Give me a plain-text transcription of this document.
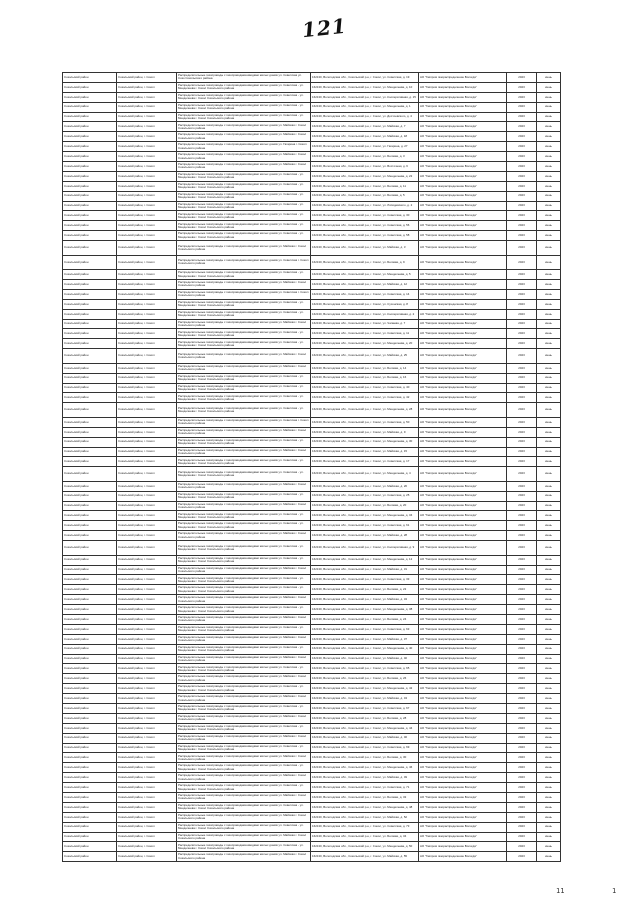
121
Сокольский район	Сокольский район, г. Сокол	Распределительные газопроводы с газопроводами-вводами жилых домов ул. Советская ул. Соко Сокольского района	162130, Вологодская обл., Сокольский р-н, г. Сокол, ул. Советская, д. 19	АО "Газпром газораспределение Вологда"	2023	июнь
Сокольский район	Сокольский район, г. Сокол	Распределительные газопроводы с газопроводами-вводами жилых домов ул. Советская - ул. Менделеева г. Сокол Сокольского района	162130, Вологодская обл., Сокольский р-н, г. Сокол, ул. Менделеева, д. 10	АО "Газпром газораспределение Вологда"	2023	июнь
Сокольский район	Сокольский район, г. Сокол	Распределительные газопроводы с газопроводами-вводами жилых домов ул. Советская - ул. Менделеева г. Сокол Сокольского района	162130, Вологодская обл., Сокольский р-н, г. Сокол, ул. Кооперативная, д. 15	АО "Газпром газораспределение Вологда"	2023	июнь
Сокольский район	Сокольский район, г. Сокол	Распределительные газопроводы с газопроводами-вводами жилых домов ул. Советская - ул. Менделеева г. Сокол Сокольского района	162130, Вологодская обл., Сокольский р-н, г. Сокол, ул. Менделеева, д. 1	АО "Газпром газораспределение Вологда"	2023	июнь
Сокольский район	Сокольский район, г. Сокол	Распределительные газопроводы с газопроводами-вводами жилых домов ул. Советская - ул. Менделеева г. Сокол Сокольского района	162130, Вологодская обл., Сокольский р-н, г. Сокол, ул. Достоевского, д. 4	АО "Газпром газораспределение Вологда"	2023	июнь
Сокольский район	Сокольский район, г. Сокол	Распределительные газопроводы с газопроводами-вводами жилых домов ул. Майская г. Сокол Сокольского района	162130, Вологодская обл., Сокольский р-н, г. Сокол, ул. Майская, д. 7	АО "Газпром газораспределение Вологда"	2023	июнь
Сокольский район	Сокольский район, г. Сокол	Распределительные газопроводы с газопроводами-вводами жилых домов ул. Майская г. Сокол Сокольского района	162130, Вологодская обл., Сокольский р-н, г. Сокол, ул. Майская, д. 18	АО "Газпром газораспределение Вологда"	2023	июнь
Сокольский район	Сокольский район, г. Сокол	Распределительные газопроводы с газопроводами-вводами жилых домов ул. Гагарина г. Сокол Сокольского района	162130, Вологодская обл., Сокольский р-н, г. Сокол, ул. Гагарина, д. 27	АО "Газпром газораспределение Вологда"	2023	июнь
Сокольский район	Сокольский район, г. Сокол	Распределительные газопроводы с газопроводами-вводами жилых домов ул. Майская г. Сокол Сокольского района	162130, Вологодская обл., Сокольский р-н, г. Сокол, ул. Беговая, д. 3	АО "Газпром газораспределение Вологда"	2023	июнь
Сокольский район	Сокольский район, г. Сокол	Распределительные газопроводы с газопроводами-вводами жилых домов ул. Майская г. Сокол Сокольского района	162130, Вологодская обл., Сокольский р-н, г. Сокол, ул. Восточная, д. 6	АО "Газпром газораспределение Вологда"	2023	июнь
Сокольский район	Сокольский район, г. Сокол	Распределительные газопроводы с газопроводами-вводами жилых домов ул. Советская - ул. Менделеева г. Сокол Сокольского района	162130, Вологодская обл., Сокольский р-н, г. Сокол, ул. Менделеева, д. 22	АО "Газпром газораспределение Вологда"	2023	июнь
Сокольский район	Сокольский район, г. Сокол	Распределительные газопроводы с газопроводами-вводами жилых домов ул. Советская - ул. Менделеева г. Сокол Сокольского района	162130, Вологодская обл., Сокольский р-н, г. Сокол, ул. Беговая, д. 11	АО "Газпром газораспределение Вологда"	2023	июнь
Сокольский район	Сокольский район, г. Сокол	Распределительные газопроводы с газопроводами-вводами жилых домов ул. Советская - ул. Менделеева г. Сокол Сокольского района	162130, Вологодская обл., Сокольский р-н, г. Сокол, ул. Беговая, д. 5	АО "Газпром газораспределение Вологда"	2023	июнь
Сокольский район	Сокольский район, г. Сокол	Распределительные газопроводы с газопроводами-вводами жилых домов ул. Советская - ул. Менделеева г. Сокол Сокольского района	162130, Вологодская обл., Сокольский р-н, г. Сокол, ул. Ляпидевского, д. 2	АО "Газпром газораспределение Вологда"	2023	июнь
Сокольский район	Сокольский район, г. Сокол	Распределительные газопроводы с газопроводами-вводами жилых домов ул. Советская - ул. Менделеева г. Сокол Сокольского района	162130, Вологодская обл., Сокольский р-н, г. Сокол, ул. Советская, д. 30	АО "Газпром газораспределение Вологда"	2023	июнь
Сокольский район	Сокольский район, г. Сокол	Распределительные газопроводы с газопроводами-вводами жилых домов ул. Советская - ул. Менделеева г. Сокол Сокольского района	162130, Вологодская обл., Сокольский р-н, г. Сокол, ул. Советская, д. 56	АО "Газпром газораспределение Вологда"	2023	июнь
Сокольский район	Сокольский район, г. Сокол	Распределительные газопроводы с газопроводами-вводами жилых домов ул. Советская - ул. Менделеева г. Сокол Сокольского района	162130, Вологодская обл., Сокольский р-н, г. Сокол, ул. Советская, д. 58	АО "Газпром газораспределение Вологда"	2023	июнь
Сокольский район	Сокольский район, г. Сокол	Распределительные газопроводы с газопроводами-вводами жилых домов ул. Майская г. Сокол Сокольского района	162130, Вологодская обл., Сокольский р-н, г. Сокол, ул. Майская, д. 3	АО "Газпром газораспределение Вологда"	2023	июнь
Сокольский район	Сокольский район, г. Сокол	Распределительные газопроводы с газопроводами-вводами жилых домов ул. Советская г. Сокол Сокольского района	162130, Вологодская обл., Сокольский р-н, г. Сокол, ул. Беговая, д. 9	АО "Газпром газораспределение Вологда"	2023	июнь
Сокольский район	Сокольский район, г. Сокол	Распределительные газопроводы с газопроводами-вводами жилых домов ул. Советская - ул. Менделеева г. Сокол Сокольского района	162130, Вологодская обл., Сокольский р-н, г. Сокол, ул. Менделеева, д. 5	АО "Газпром газораспределение Вологда"	2023	июнь
Сокольский район	Сокольский район, г. Сокол	Распределительные газопроводы с газопроводами-вводами жилых домов ул. Майская г. Сокол Сокольского района	162130, Вологодская обл., Сокольский р-н, г. Сокол, ул. Майская, д. 12	АО "Газпром газораспределение Вологда"	2023	июнь
Сокольский район	Сокольский район, г. Сокол	Распределительные газопроводы с газопроводами-вводами жилых домов ул. Советская г. Сокол Сокольского района	162130, Вологодская обл., Сокольский р-н, г. Сокол, ул. Советская, д. 14	АО "Газпром газораспределение Вологда"	2023	июнь
Сокольский район	Сокольский район, г. Сокол	Распределительные газопроводы с газопроводами-вводами жилых домов ул. Советская - ул. Менделеева г. Сокол Сокольского района	162130, Вологодская обл., Сокольский р-н, г. Сокол, ул. Сухонская, д. 8	АО "Газпром газораспределение Вологда"	2023	июнь
Сокольский район	Сокольский район, г. Сокол	Распределительные газопроводы с газопроводами-вводами жилых домов ул. Советская - ул. Менделеева г. Сокол Сокольского района	162130, Вологодская обл., Сокольский р-н, г. Сокол, ул. Кооперативная, д. 2	АО "Газпром газораспределение Вологда"	2023	июнь
Сокольский район	Сокольский район, г. Сокол	Распределительные газопроводы с газопроводами-вводами жилых домов ул. Майская г. Сокол Сокольского района	162130, Вологодская обл., Сокольский р-н, г. Сокол, ул. Чапаева, д. 7	АО "Газпром газораспределение Вологда"	2023	июнь
Сокольский район	Сокольский район, г. Сокол	Распределительные газопроводы с газопроводами-вводами жилых домов ул. Советская - ул. Менделеева г. Сокол Сокольского района	162130, Вологодская обл., Сокольский р-н, г. Сокол, ул. Советская, д. 11	АО "Газпром газораспределение Вологда"	2023	июнь
Сокольский район	Сокольский район, г. Сокол	Распределительные газопроводы с газопроводами-вводами жилых домов ул. Советская - ул. Менделеева г. Сокол Сокольского района	162130, Вологодская обл., Сокольский р-н, г. Сокол, ул. Менделеева, д. 20	АО "Газпром газораспределение Вологда"	2023	июнь
Сокольский район	Сокольский район, г. Сокол	Распределительные газопроводы с газопроводами-вводами жилых домов ул. Майская г. Сокол Сокольского района	162130, Вологодская обл., Сокольский р-н, г. Сокол, ул. Майская, д. 25	АО "Газпром газораспределение Вологда"	2023	июнь
Сокольский район	Сокольский район, г. Сокол	Распределительные газопроводы с газопроводами-вводами жилых домов ул. Майская г. Сокол Сокольского района	162130, Вологодская обл., Сокольский р-н, г. Сокол, ул. Беговая, д. 14	АО "Газпром газораспределение Вологда"	2023	июнь
Сокольский район	Сокольский район, г. Сокол	Распределительные газопроводы с газопроводами-вводами жилых домов ул. Советская - ул. Менделеева г. Сокол Сокольского района	162130, Вологодская обл., Сокольский р-н, г. Сокол, ул. Беговая, д. 16	АО "Газпром газораспределение Вологда"	2023	июнь
Сокольский район	Сокольский район, г. Сокол	Распределительные газопроводы с газопроводами-вводами жилых домов ул. Советская - ул. Менделеева г. Сокол Сокольского района	162130, Вологодская обл., Сокольский р-н, г. Сокол, ул. Советская, д. 40	АО "Газпром газораспределение Вологда"	2023	июнь
Сокольский район	Сокольский район, г. Сокол	Распределительные газопроводы с газопроводами-вводами жилых домов ул. Советская - ул. Менделеева г. Сокол Сокольского района	162130, Вологодская обл., Сокольский р-н, г. Сокол, ул. Советская, д. 42	АО "Газпром газораспределение Вологда"	2023	июнь
Сокольский район	Сокольский район, г. Сокол	Распределительные газопроводы с газопроводами-вводами жилых домов ул. Советская - ул. Менделеева г. Сокол Сокольского района	162130, Вологодская обл., Сокольский р-н, г. Сокол, ул. Менделеева, д. 28	АО "Газпром газораспределение Вологда"	2023	июнь
Сокольский район	Сокольский район, г. Сокол	Распределительные газопроводы с газопроводами-вводами жилых домов ул. Советская г. Сокол Сокольского района	162130, Вологодская обл., Сокольский р-н, г. Сокол, ул. Советская, д. 50	АО "Газпром газораспределение Вологда"	2023	июнь
Сокольский район	Сокольский район, г. Сокол	Распределительные газопроводы с газопроводами-вводами жилых домов ул. Майская г. Сокол Сокольского района	162130, Вологодская обл., Сокольский р-н, г. Сокол, ул. Майская, д. 9	АО "Газпром газораспределение Вологда"	2023	июнь
Сокольский район	Сокольский район, г. Сокол	Распределительные газопроводы с газопроводами-вводами жилых домов ул. Советская - ул. Менделеева г. Сокол Сокольского района	162130, Вологодская обл., Сокольский р-н, г. Сокол, ул. Менделеева, д. 30	АО "Газпром газораспределение Вологда"	2023	июнь
Сокольский район	Сокольский район, г. Сокол	Распределительные газопроводы с газопроводами-вводами жилых домов ул. Майская г. Сокол Сокольского района	162130, Вологодская обл., Сокольский р-н, г. Сокол, ул. Майская, д. 15	АО "Газпром газораспределение Вологда"	2023	июнь
Сокольский район	Сокольский район, г. Сокол	Распределительные газопроводы с газопроводами-вводами жилых домов ул. Советская - ул. Менделеева г. Сокол Сокольского района	162130, Вологодская обл., Сокольский р-н, г. Сокол, ул. Советская, д. 17	АО "Газпром газораспределение Вологда"	2023	июнь
Сокольский район	Сокольский район, г. Сокол	Распределительные газопроводы с газопроводами-вводами жилых домов ул. Советская - ул. Менделеева г. Сокол Сокольского района	162130, Вологодская обл., Сокольский р-н, г. Сокол, ул. Менделеева, д. 4	АО "Газпром газораспределение Вологда"	2023	июнь
Сокольский район	Сокольский район, г. Сокол	Распределительные газопроводы с газопроводами-вводами жилых домов ул. Майская г. Сокол Сокольского района	162130, Вологодская обл., Сокольский р-н, г. Сокол, ул. Майская, д. 20	АО "Газпром газораспределение Вологда"	2023	июнь
Сокольский район	Сокольский район, г. Сокол	Распределительные газопроводы с газопроводами-вводами жилых домов ул. Советская - ул. Менделеева г. Сокол Сокольского района	162130, Вологодская обл., Сокольский р-н, г. Сокол, ул. Советская, д. 25	АО "Газпром газораспределение Вологда"	2023	июнь
Сокольский район	Сокольский район, г. Сокол	Распределительные газопроводы с газопроводами-вводами жилых домов ул. Майская г. Сокол Сокольского района	162130, Вологодская обл., Сокольский р-н, г. Сокол, ул. Беговая, д. 20	АО "Газпром газораспределение Вологда"	2023	июнь
Сокольский район	Сокольский район, г. Сокол	Распределительные газопроводы с газопроводами-вводами жилых домов ул. Советская - ул. Менделеева г. Сокол Сокольского района	162130, Вологодская обл., Сокольский р-н, г. Сокол, ул. Менделеева, д. 34	АО "Газпром газораспределение Вологда"	2023	июнь
Сокольский район	Сокольский район, г. Сокол	Распределительные газопроводы с газопроводами-вводами жилых домов ул. Советская - ул. Менделеева г. Сокол Сокольского района	162130, Вологодская обл., Сокольский р-н, г. Сокол, ул. Советская, д. 61	АО "Газпром газораспределение Вологда"	2023	июнь
Сокольский район	Сокольский район, г. Сокол	Распределительные газопроводы с газопроводами-вводами жилых домов ул. Майская г. Сокол Сокольского района	162130, Вологодская обл., Сокольский р-н, г. Сокол, ул. Майская, д. 28	АО "Газпром газораспределение Вологда"	2023	июнь
Сокольский район	Сокольский район, г. Сокол	Распределительные газопроводы с газопроводами-вводами жилых домов ул. Советская - ул. Менделеева г. Сокол Сокольского района	162130, Вологодская обл., Сокольский р-н, г. Сокол, ул. Кооперативная, д. 9	АО "Газпром газораспределение Вологда"	2023	июнь
Сокольский район	Сокольский район, г. Сокол	Распределительные газопроводы с газопроводами-вводами жилых домов ул. Советская - ул. Менделеева г. Сокол Сокольского района	162130, Вологодская обл., Сокольский р-н, г. Сокол, ул. Менделеева, д. 12	АО "Газпром газораспределение Вологда"	2023	июнь
Сокольский район	Сокольский район, г. Сокол	Распределительные газопроводы с газопроводами-вводами жилых домов ул. Майская г. Сокол Сокольского района	162130, Вологодская обл., Сокольский р-н, г. Сокол, ул. Майская, д. 31	АО "Газпром газораспределение Вологда"	2023	июнь
Сокольский район	Сокольский район, г. Сокол	Распределительные газопроводы с газопроводами-вводами жилых домов ул. Советская - ул. Менделеева г. Сокол Сокольского района	162130, Вологодская обл., Сокольский р-н, г. Сокол, ул. Советская, д. 33	АО "Газпром газораспределение Вологда"	2023	июнь
Сокольский район	Сокольский район, г. Сокол	Распределительные газопроводы с газопроводами-вводами жилых домов ул. Советская - ул. Менделеева г. Сокол Сокольского района	162130, Вологодская обл., Сокольский р-н, г. Сокол, ул. Беговая, д. 22	АО "Газпром газораспределение Вологда"	2023	июнь
Сокольский район	Сокольский район, г. Сокол	Распределительные газопроводы с газопроводами-вводами жилых домов ул. Майская г. Сокол Сокольского района	162130, Вологодская обл., Сокольский р-н, г. Сокол, ул. Майская, д. 34	АО "Газпром газораспределение Вологда"	2023	июнь
Сокольский район	Сокольский район, г. Сокол	Распределительные газопроводы с газопроводами-вводами жилых домов ул. Советская - ул. Менделеева г. Сокол Сокольского района	162130, Вологодская обл., Сокольский р-н, г. Сокол, ул. Менделеева, д. 38	АО "Газпром газораспределение Вологда"	2023	июнь
Сокольский район	Сокольский район, г. Сокол	Распределительные газопроводы с газопроводами-вводами жилых домов ул. Майская г. Сокол Сокольского района	162130, Вологодская обл., Сокольский р-н, г. Сокол, ул. Беговая, д. 24	АО "Газпром газораспределение Вологда"	2023	июнь
Сокольский район	Сокольский район, г. Сокол	Распределительные газопроводы с газопроводами-вводами жилых домов ул. Советская - ул. Менделеева г. Сокол Сокольского района	162130, Вологодская обл., Сокольский р-н, г. Сокол, ул. Советская, д. 63	АО "Газпром газораспределение Вологда"	2023	июнь
Сокольский район	Сокольский район, г. Сокол	Распределительные газопроводы с газопроводами-вводами жилых домов ул. Майская г. Сокол Сокольского района	162130, Вологодская обл., Сокольский р-н, г. Сокол, ул. Майская, д. 37	АО "Газпром газораспределение Вологда"	2023	июнь
Сокольский район	Сокольский район, г. Сокол	Распределительные газопроводы с газопроводами-вводами жилых домов ул. Советская - ул. Менделеева г. Сокол Сокольского района	162130, Вологодская обл., Сокольский р-н, г. Сокол, ул. Менделеева, д. 40	АО "Газпром газораспределение Вологда"	2023	июнь
Сокольский район	Сокольский район, г. Сокол	Распределительные газопроводы с газопроводами-вводами жилых домов ул. Майская г. Сокол Сокольского района	162130, Вологодская обл., Сокольский р-н, г. Сокол, ул. Майская, д. 40	АО "Газпром газораспределение Вологда"	2023	июнь
Сокольский район	Сокольский район, г. Сокол	Распределительные газопроводы с газопроводами-вводами жилых домов ул. Советская - ул. Менделеева г. Сокол Сокольского района	162130, Вологодская обл., Сокольский р-н, г. Сокол, ул. Советская, д. 65	АО "Газпром газораспределение Вологда"	2023	июнь
Сокольский район	Сокольский район, г. Сокол	Распределительные газопроводы с газопроводами-вводами жилых домов ул. Майская г. Сокол Сокольского района	162130, Вологодская обл., Сокольский р-н, г. Сокол, ул. Беговая, д. 26	АО "Газпром газораспределение Вологда"	2023	июнь
Сокольский район	Сокольский район, г. Сокол	Распределительные газопроводы с газопроводами-вводами жилых домов ул. Советская - ул. Менделеева г. Сокол Сокольского района	162130, Вологодская обл., Сокольский р-н, г. Сокол, ул. Менделеева, д. 42	АО "Газпром газораспределение Вологда"	2023	июнь
Сокольский район	Сокольский район, г. Сокол	Распределительные газопроводы с газопроводами-вводами жилых домов ул. Майская г. Сокол Сокольского района	162130, Вологодская обл., Сокольский р-н, г. Сокол, ул. Майская, д. 43	АО "Газпром газораспределение Вологда"	2023	июнь
Сокольский район	Сокольский район, г. Сокол	Распределительные газопроводы с газопроводами-вводами жилых домов ул. Советская - ул. Менделеева г. Сокол Сокольского района	162130, Вологодская обл., Сокольский р-н, г. Сокол, ул. Советская, д. 67	АО "Газпром газораспределение Вологда"	2023	июнь
Сокольский район	Сокольский район, г. Сокол	Распределительные газопроводы с газопроводами-вводами жилых домов ул. Майская г. Сокол Сокольского района	162130, Вологодская обл., Сокольский р-н, г. Сокол, ул. Беговая, д. 28	АО "Газпром газораспределение Вологда"	2023	июнь
Сокольский район	Сокольский район, г. Сокол	Распределительные газопроводы с газопроводами-вводами жилых домов ул. Советская - ул. Менделеева г. Сокол Сокольского района	162130, Вологодская обл., Сокольский р-н, г. Сокол, ул. Менделеева, д. 44	АО "Газпром газораспределение Вологда"	2023	июнь
Сокольский район	Сокольский район, г. Сокол	Распределительные газопроводы с газопроводами-вводами жилых домов ул. Майская г. Сокол Сокольского района	162130, Вологодская обл., Сокольский р-н, г. Сокол, ул. Майская, д. 46	АО "Газпром газораспределение Вологда"	2023	июнь
Сокольский район	Сокольский район, г. Сокол	Распределительные газопроводы с газопроводами-вводами жилых домов ул. Советская - ул. Менделеева г. Сокол Сокольского района	162130, Вологодская обл., Сокольский р-н, г. Сокол, ул. Советская, д. 69	АО "Газпром газораспределение Вологда"	2023	июнь
Сокольский район	Сокольский район, г. Сокол	Распределительные газопроводы с газопроводами-вводами жилых домов ул. Майская г. Сокол Сокольского района	162130, Вологодская обл., Сокольский р-н, г. Сокол, ул. Беговая, д. 30	АО "Газпром газораспределение Вологда"	2023	июнь
Сокольский район	Сокольский район, г. Сокол	Распределительные газопроводы с газопроводами-вводами жилых домов ул. Советская - ул. Менделеева г. Сокол Сокольского района	162130, Вологодская обл., Сокольский р-н, г. Сокол, ул. Менделеева, д. 46	АО "Газпром газораспределение Вологда"	2023	июнь
Сокольский район	Сокольский район, г. Сокол	Распределительные газопроводы с газопроводами-вводами жилых домов ул. Майская г. Сокол Сокольского района	162130, Вологодская обл., Сокольский р-н, г. Сокол, ул. Майская, д. 49	АО "Газпром газораспределение Вологда"	2023	июнь
Сокольский район	Сокольский район, г. Сокол	Распределительные газопроводы с газопроводами-вводами жилых домов ул. Советская - ул. Менделеева г. Сокол Сокольского района	162130, Вологодская обл., Сокольский р-н, г. Сокол, ул. Советская, д. 71	АО "Газпром газораспределение Вологда"	2023	июнь
Сокольский район	Сокольский район, г. Сокол	Распределительные газопроводы с газопроводами-вводами жилых домов ул. Майская г. Сокол Сокольского района	162130, Вологодская обл., Сокольский р-н, г. Сокол, ул. Беговая, д. 32	АО "Газпром газораспределение Вологда"	2023	июнь
Сокольский район	Сокольский район, г. Сокол	Распределительные газопроводы с газопроводами-вводами жилых домов ул. Советская - ул. Менделеева г. Сокол Сокольского района	162130, Вологодская обл., Сокольский р-н, г. Сокол, ул. Менделеева, д. 48	АО "Газпром газораспределение Вологда"	2023	июнь
Сокольский район	Сокольский район, г. Сокол	Распределительные газопроводы с газопроводами-вводами жилых домов ул. Майская г. Сокол Сокольского района	162130, Вологодская обл., Сокольский р-н, г. Сокол, ул. Майская, д. 52	АО "Газпром газораспределение Вологда"	2023	июнь
Сокольский район	Сокольский район, г. Сокол	Распределительные газопроводы с газопроводами-вводами жилых домов ул. Советская - ул. Менделеева г. Сокол Сокольского района	162130, Вологодская обл., Сокольский р-н, г. Сокол, ул. Советская, д. 73	АО "Газпром газораспределение Вологда"	2023	июнь
Сокольский район	Сокольский район, г. Сокол	Распределительные газопроводы с газопроводами-вводами жилых домов ул. Майская г. Сокол Сокольского района	162130, Вологодская обл., Сокольский р-н, г. Сокол, ул. Беговая, д. 34	АО "Газпром газораспределение Вологда"	2023	июнь
Сокольский район	Сокольский район, г. Сокол	Распределительные газопроводы с газопроводами-вводами жилых домов ул. Советская - ул. Менделеева г. Сокол Сокольского района	162130, Вологодская обл., Сокольский р-н, г. Сокол, ул. Менделеева, д. 50	АО "Газпром газораспределение Вологда"	2023	июнь
Сокольский район	Сокольский район, г. Сокол	Распределительные газопроводы с газопроводами-вводами жилых домов ул. Майская г. Сокол Сокольского района	162130, Вологодская обл., Сокольский р-н, г. Сокол, ул. Майская, д. 55	АО "Газпром газораспределение Вологда"	2023	июнь
11	1
